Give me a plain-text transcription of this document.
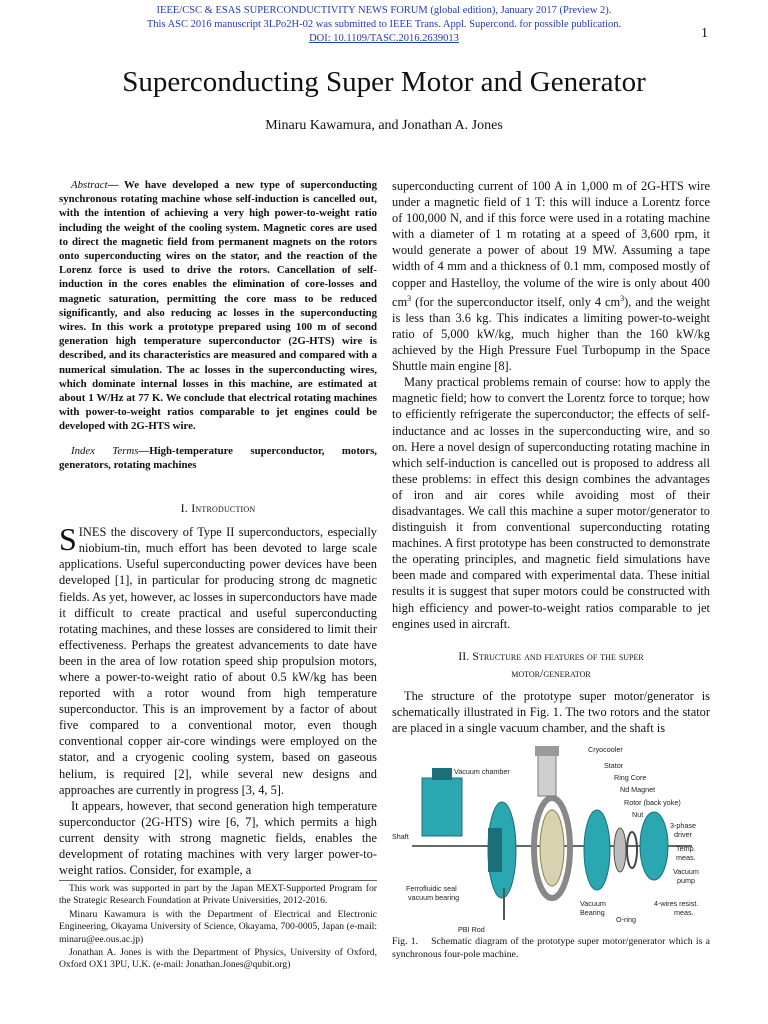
IEEE/CSC & ESAS SUPERCONDUCTIVITY NEWS FORUM (global edition), January 2017 (Preview 2).
This ASC 2016 manuscript 3LPo2H-02 was submitted to IEEE Trans. Appl. Supercond. for possible publication.
DOI: 10.1109/TASC.2016.2639013	1
Superconducting Super Motor and Generator
Minaru Kawamura, and Jonathan A. Jones

Abstract— We have developed a new type of superconducting synchronous rotating machine whose self-induction is cancelled out, with the intention of achieving a very high power-to-weight ratio including the weight of the cooling system. Magnetic cores are used to direct the magnetic field from permanent magnets on the rotors onto superconducting wires on the stator, and the reaction of the Lorenz force is used to drive the rotors. Cancellation of self-induction in the cores enables the elimination of core-losses and magnetic saturation, permitting the core mass to be reduced significantly, and also reducing ac losses in the superconducting wires. In this work a prototype prepared using 100 m of second generation high temperature superconductor (2G-HTS) wire is described, and its characteristics are measured and compared with a numerical simulation. The ac losses in the superconducting wires, which dominate internal losses in this machine, are estimated at about 1 W/Hz at 77 K. We conclude that electrical rotating machines with power-to-weight ratios comparable to jet engines could be developed with 2G-HTS wire.

Index Terms—High-temperature superconductor, motors, generators, rotating machines

I. Introduction

SINES the discovery of Type II superconductors, especially niobium-tin, much effort has been devoted to large scale applications. Useful superconducting power devices have been developed [1], in particular for producing strong dc magnetic fields. As yet, however, ac losses in superconductors have made it difficult to create practical and useful superconducting rotating machines, and these losses are considered to limit their effectiveness. Perhaps the greatest advancements to date have been in the area of low rotation speed ship propulsion motors, where a power-to-weight ratio of about 0.5 kW/kg has been reported with a rotor wound from high temperature superconductor. This is an improvement by a factor of about five compared to a conventional motor, even though conventional copper air-core windings were employed on the stator, and a cryogenic cooling system, based on gaseous helium, is required [2], while several new designs and approaches are currently in progress [3, 4, 5].

It appears, however, that second generation high temperature superconductor (2G-HTS) wire [6, 7], which permits a high current density with strong magnetic fields, enables the development of rotating machines with very larger power-to-weight ratios. Consider, for example, a

superconducting current of 100 A in 1,000 m of 2G-HTS wire under a magnetic field of 1 T: this will induce a Lorentz force of 100,000 N, and if this force were used in a rotating machine with a diameter of 1 m rotating at a speed of 3,600 rpm, it would generate a power of about 19 MW. Assuming a tape width of 4 mm and a thickness of 0.1 mm, composed mostly of copper and Hastelloy, the volume of the wire is only about 400 $cm^3$ (for the superconductor itself, only 4 $cm^3$), and the weight is less than 3.6 kg. This indicates a limiting power-to-weight ratio of 5,000 kW/kg, much higher than the 160 kW/kg achieved by the High Pressure Fuel Turbopump in the Space Shuttle main engine [8].

Many practical problems remain of course: how to apply the magnetic field; how to convert the Lorentz force to torque; how to efficiently refrigerate the superconductor; the effects of self-inductance and ac losses in the superconducting wire, and so on. Here a novel design of superconducting rotating machine in which self-induction is cancelled out is proposed to address all these problems: in effect this design combines the advantages of iron and air cores while avoiding most of their disadvantages. We call this machine a super motor/generator to distinguish it from conventional superconducting rotating machines. A first prototype has been constructed to demonstrate the operating principles, and magnetic field simulations have been made and compared with experimental data. These initial results it is suggest that super motors could be constructed with high efficiency and power-to-weight ratios comparable to jet engines used in aircraft.

II. Structure and features of the super
motor/generator

The structure of the prototype super motor/generator is schematically illustrated in Fig. 1. The two rotors and the stator are placed in a single vacuum chamber, and the shaft is

This work was supported in part by the Japan MEXT-Supported Program for the Strategic Research Foundation at Private Universities, 2012-2016.

Minaru Kawamura is with the Department of Electrical and Electronic Engineering, Okayama University of Science, Okayama, 700-0005, Japan (e-mail: minaru@ee.ous.ac.jp)

Jonathan A. Jones is with the Department of Physics, University of Oxford, Oxford OX1 3PU, U.K. (e-mail: Jonathan.Jones@qubit.org)

Cryocooler
Vacuum chamber
Stator
Ring Core
Nd Magnet
Rotor (back yoke)
Nut
3-phase
driver
Shaft
Temp.
meas.
Vacuum
pump
Ferrofluidic seal
vacuum bearing
Vacuum
Bearing
4-wires resist.
meas.
O-ring
PBI Rod
Fig. 1. Schematic diagram of the prototype super motor/generator which is a synchronous four-pole machine.
